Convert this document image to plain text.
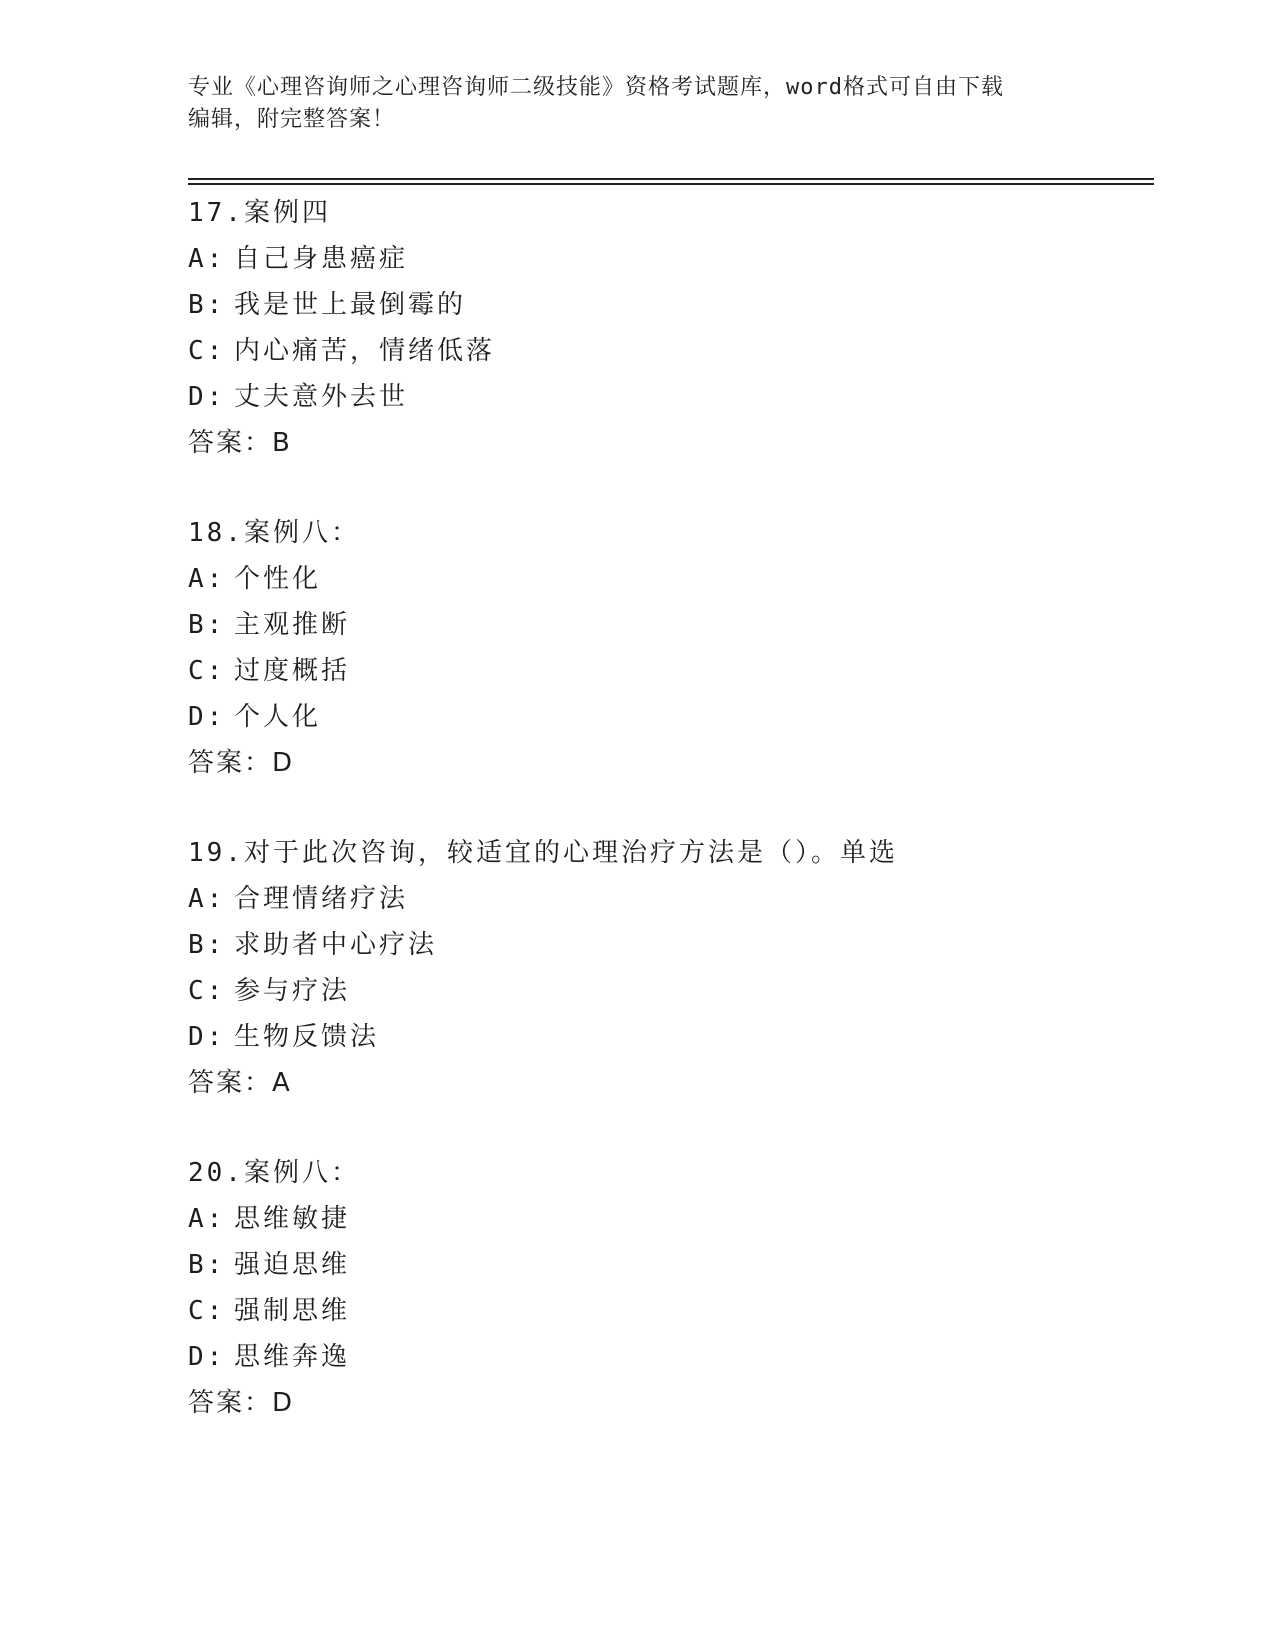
专业《心理咨询师之心理咨询师二级技能》资格考试题库，word格式可自由下载
编辑，附完整答案！
17.案例四
A: 自己身患癌症
B: 我是世上最倒霉的
C: 内心痛苦，情绪低落
D: 丈夫意外去世
答案：B
18.案例八：
A: 个性化
B: 主观推断
C: 过度概括
D: 个人化
答案：D
19.对于此次咨询，较适宜的心理治疗方法是（）。单选
A: 合理情绪疗法
B: 求助者中心疗法
C: 参与疗法
D: 生物反馈法
答案：A
20.案例八：
A: 思维敏捷
B: 强迫思维
C: 强制思维
D: 思维奔逸
答案：D
